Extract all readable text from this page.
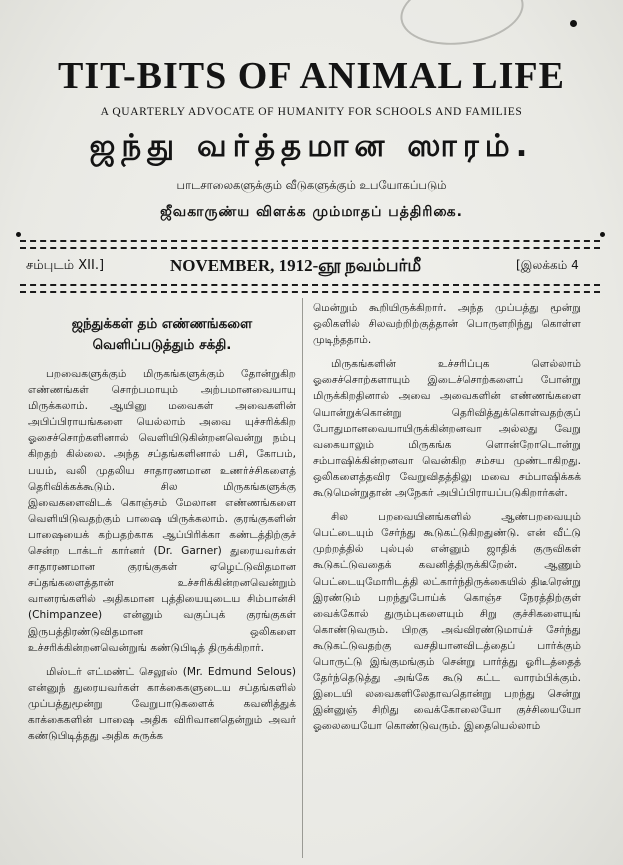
TIT-BITS OF ANIMAL LIFE
A QUARTERLY ADVOCATE OF HUMANITY FOR SCHOOLS AND FAMILIES
ஜந்து வர்த்தமான ஸாரம்.
பாடசாலைகளுக்கும் வீடுகளுக்கும் உபயோகப்படும்
ஜீவகாருண்ய விளக்க மும்மாதப் பத்திரிகை.
சம்புடம் XII.]	NOVEMBER, 1912-ஞூ நவம்பர்மீ	[இலக்கம் 4
ஜந்துக்கள் தம் எண்ணங்களை
வெளிப்படுத்தும் சக்தி.

பறவைகளுக்கும் மிருகங்களுக்கும் தோன்றுகிற எண்ணங்கள் சொற்பமாயும் அற்பமானவையாயு மிருக்கலாம். ஆயினு மவைகள் அவைகளின் அபிப்பிராயங்களை யெல்லாம் அவை யுச்சரிக்கிற ஓசைச்சொற்களினால் வெளியிடுகின்றனவென்று நம்பு கிறதற் கில்லை. அந்த சப்தங்களினால் பசி, கோபம், பயம், வலி முதலிய சாதாரணமான உணர்ச்சிகளைத் தெரிவிக்கக்கூடும். சில மிருகங்களுக்கு இவைகளைவிடக் கொஞ்சம் மேலான எண்ணங்களை வெளியிடுவதற்கும் பாஷை யிருக்கலாம். குரங்குகளின் பாஷையைக் கற்பதற்காக ஆப்பிரிக்கா கண்டத்திற்குச் சென்ற டாக்டர் கார்னர் (Dr. Garner) துரையவர்கள் சாதாரணமான குரங்குகள் ஏழெட்டுவிதமான சப்தங்களைத்தான் உச்சரிக்கின்றனவென்றும் வானரங்களில் அதிகமான புத்தியையுடைய சிம்பான்சி (Chimpanzee) என்னும் வகுப்புக் குரங்குகள் இருபத்திரண்டுவிதமான ஒலிகளை உச்சரிக்கின்றனவென்றுங் கண்டுபிடித் திருக்கிறார்.

மிஸ்டர் எட்மண்ட் செலூஸ் (Mr. Edmund Selous) என்னுந் துரையவர்கள் காக்கைகளுடைய சப்தங்களில் முப்பத்துமூன்று வேறுபாடுகளைக் கவனித்துக் காக்கைகளின் பாஷை அதிக விரிவானதென்றும் அவர் கண்டுபிடித்தது அதிக சுருக்க

மென்றும் கூறியிருக்கிறார். அந்த முப்பத்து மூன்று ஒலிகளில் சிலவற்றிற்குத்தான் பொருளறிந்து கொள்ள முடிந்ததாம்.

மிருகங்களின் உச்சரிப்புக ளெல்லாம் ஓசைச்சொற்களாயும் இடைச்சொற்களைப் போன்று மிருக்கிறதினால் அவை அவைகளின் எண்ணங்களை யொன்றுக்கொன்று தெரிவித்துக்கொள்வதற்குப் போதுமானவையாயிருக்கின்றனவா அல்லது வேறு வகையாலும் மிருகங்க ளொன்றோடொன்று சம்பாஷிக்கின்றனவா வென்கிற சம்சய முண்டாகிறது. ஒலிகளைத்தவிர வேறுவிதத்திலு மவை சம்பாஷிக்கக் கூடுமென்றுதான் அநேகர் அபிப்பிராயப்படுகிறார்கள்.

சில பறவையினங்களில் ஆண்பறவையும் பெட்டையும் சேர்ந்து கூடுகட்டுகிறதுண்டு. என் வீட்டு முற்றத்தில் புல்புல் என்னும் ஜாதிக் குருவிகள் கூடுகட்டுவதைக் கவனித்திருக்கிறேன். ஆணும் பெட்டையுமோரிடத்தி லட்கார்ந்திருக்கையில் திடீரென்று இரண்டும் பறந்துபோய்க் கொஞ்ச நேரத்திற்குள் வைக்கோல் துரும்புகளையும் சிறு குச்சிகளையுங் கொண்டுவரும். பிறகு அவ்விரண்டுமாய்ச் சேர்ந்து கூடுகட்டுவதற்கு வசதியானவிடத்தைப் பார்க்கும் பொருட்டு இங்குமங்கும் சென்று பார்த்து ஓரிடத்தைத் தேர்ந்தெடுத்து அங்கே கூடு கட்ட வாரம்பிக்கும். இடையி லவைகளிலேதாவதொன்று பறந்து சென்று இன்னுஞ் சிறிது வைக்கோலையோ குச்சியையோ ஓலையையோ கொண்டுவரும். இதையெல்லாம்
